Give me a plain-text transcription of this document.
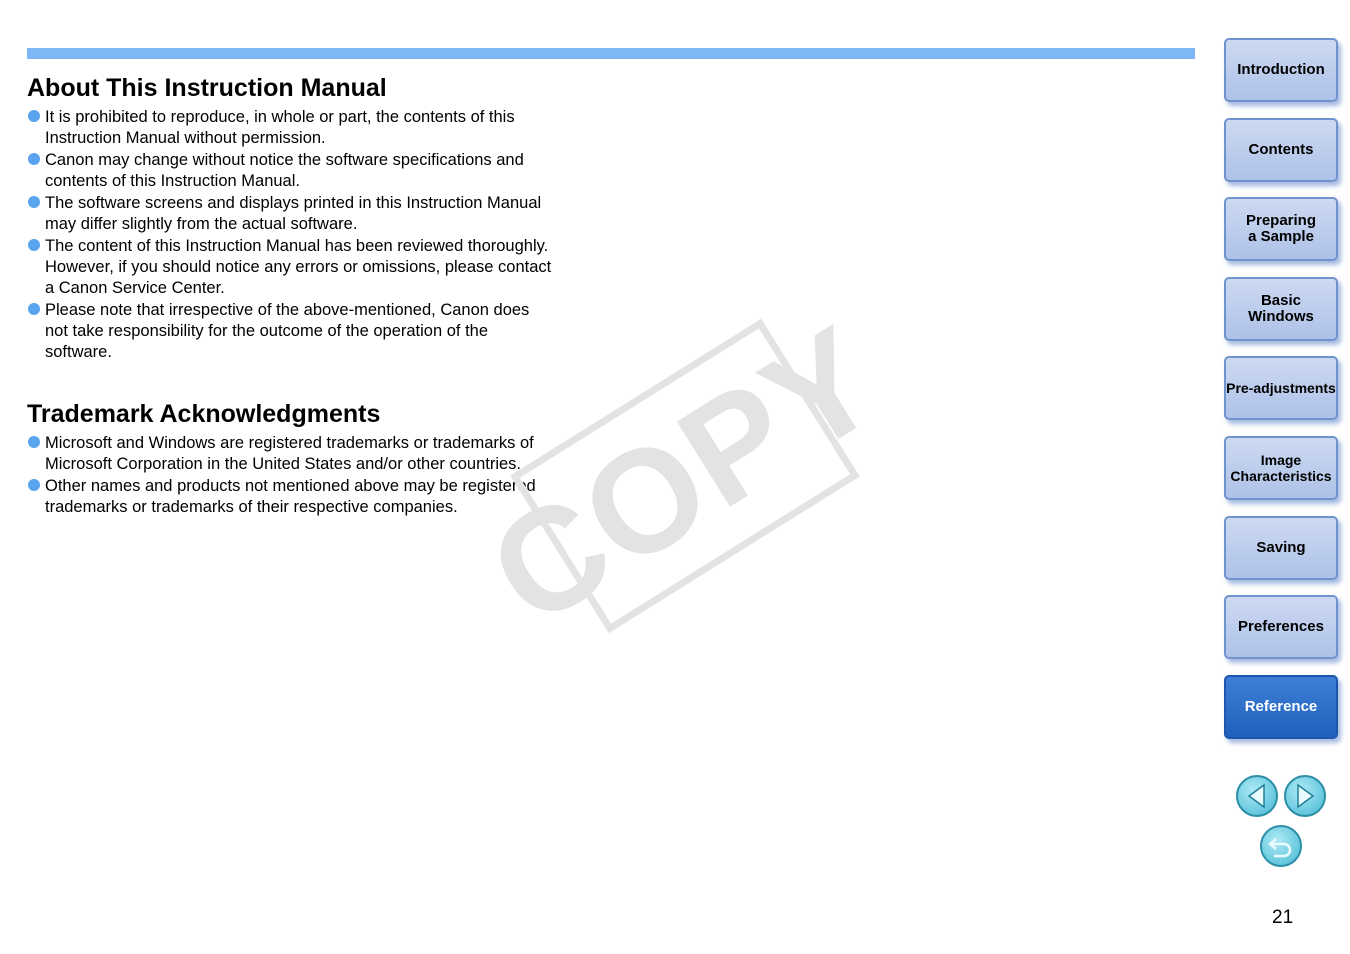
About This Instruction Manual
It is prohibited to reproduce, in whole or part, the contents of this
Instruction Manual without permission.
Canon may change without notice the software specifications and
contents of this Instruction Manual.
The software screens and displays printed in this Instruction Manual
may differ slightly from the actual software.
The content of this Instruction Manual has been reviewed thoroughly.
However, if you should notice any errors or omissions, please contact
a Canon Service Center.
Please note that irrespective of the above-mentioned, Canon does
not take responsibility for the outcome of the operation of the
software.
Trademark Acknowledgments
Microsoft and Windows are registered trademarks or trademarks of
Microsoft Corporation in the United States and/or other countries.
Other names and products not mentioned above may be registered
trademarks or trademarks of their respective companies. COPY
Introduction
Contents
Preparing
a Sample
Basic
Windows
Pre-adjustments
Image
Characteristics
Saving
Preferences
Reference
21
